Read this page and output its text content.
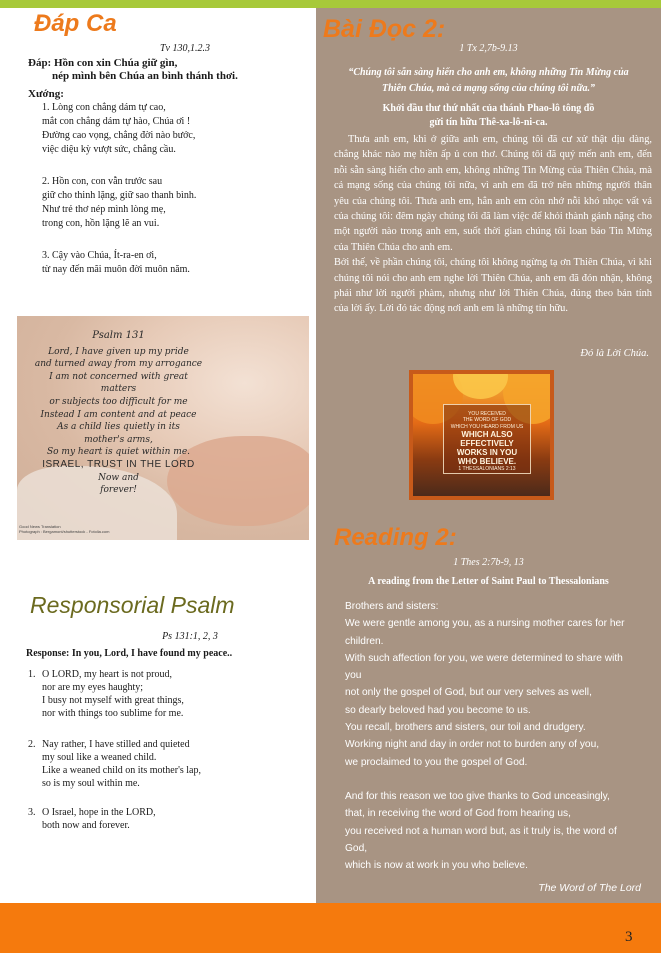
Đáp Ca
Tv 130,1.2.3
Đáp: Hồn con xin Chúa giữ gìn,
nép mình bên Chúa an bình thánh thơi.
Xướng:
1. Lòng con chẳng dám tự cao,
mắt con chẳng dám tự hào, Chúa ơi !
Đường cao vọng, chẳng đời nào bước,
việc diệu kỳ vượt sức, chẳng cầu.
2. Hồn con, con vẫn trước sau
giữ cho thinh lặng, giữ sao thanh bình.
Như trẻ thơ nép mình lòng mẹ,
trong con, hồn lặng lẽ an vui.
3. Cậy vào Chúa, Ít-ra-en ơi,
từ nay đến mãi muôn đời muôn năm.
Psalm 131
Lord, I have given up my pride
and turned away from my arrogance
I am not concerned with great
matters
or subjects too difficult for me
Instead I am content and at peace
As a child lies quietly in its
mother's arms,
So my heart is quiet within me.
ISRAEL, TRUST IN THE LORD
Now and
forever!
Good News Translation
Photograph : Bergamont/shutterstock - Fotolia.com
Responsorial Psalm
Ps 131:1, 2, 3
Response: In you, Lord, I have found my peace..
1. O LORD, my heart is not proud,
nor are my eyes haughty;
I busy not myself with great things,
nor with things too sublime for me.
2. Nay rather, I have stilled and quieted
my soul like a weaned child.
Like a weaned child on its mother's lap,
so is my soul within me.
3. O Israel, hope in the LORD,
both now and forever.
Bài Đọc 2:
1 Tx 2,7b-9.13
“Chúng tôi sẵn sàng hiến cho anh em, không những Tin Mừng của
Thiên Chúa, mà cả mạng sống của chúng tôi nữa.”
Khởi đầu thư thứ nhất của thánh Phao-lô tông đồ
gửi tín hữu Thê-xa-lô-ni-ca.

Thưa anh em, khi ở giữa anh em, chúng tôi đã cư xử thật dịu dàng, chẳng khác nào mẹ hiền ấp ủ con thơ. Chúng tôi đã quý mến anh em, đến nỗi sẵn sàng hiến cho anh em, không những Tin Mừng của Thiên Chúa, mà cả mạng sống của chúng tôi nữa, vì anh em đã trở nên những người thân yêu của chúng tôi. Thưa anh em, hẳn anh em còn nhớ nỗi khó nhọc vất vả của chúng tôi: đêm ngày chúng tôi đã làm việc để khỏi thành gánh nặng cho một người nào trong anh em, suốt thời gian chúng tôi loan báo Tin Mừng của Thiên Chúa cho anh em.

Bởi thế, về phần chúng tôi, chúng tôi không ngừng tạ ơn Thiên Chúa, vì khi chúng tôi nói cho anh em nghe lời Thiên Chúa, anh em đã đón nhận, không phải như lời người phàm, nhưng như lời Thiên Chúa, đúng theo bản tính của lời ấy. Lời đó tác động nơi anh em là những tín hữu.

Đó là Lời Chúa.
YOU RECEIVED
THE WORD OF GOD
WHICH YOU HEARD FROM US
WHICH ALSO
EFFECTIVELY
WORKS IN YOU
WHO BELIEVE.
1 THESSALONIANS 2:13
Reading 2:
1 Thes 2:7b-9, 13
A reading from the Letter of Saint Paul to Thessalonians
Brothers and sisters:
We were gentle among you, as a nursing mother cares for her
children.
With such affection for you, we were determined to share with
you
not only the gospel of God, but our very selves as well,
so dearly beloved had you become to us.
You recall, brothers and sisters, our toil and drudgery.
Working night and day in order not to burden any of you,
we proclaimed to you the gospel of God.
And for this reason we too give thanks to God unceasingly,
that, in receiving the word of God from hearing us,
you received not a human word but, as it truly is, the word of
God,
which is now at work in you who believe.
The Word of The Lord
3
